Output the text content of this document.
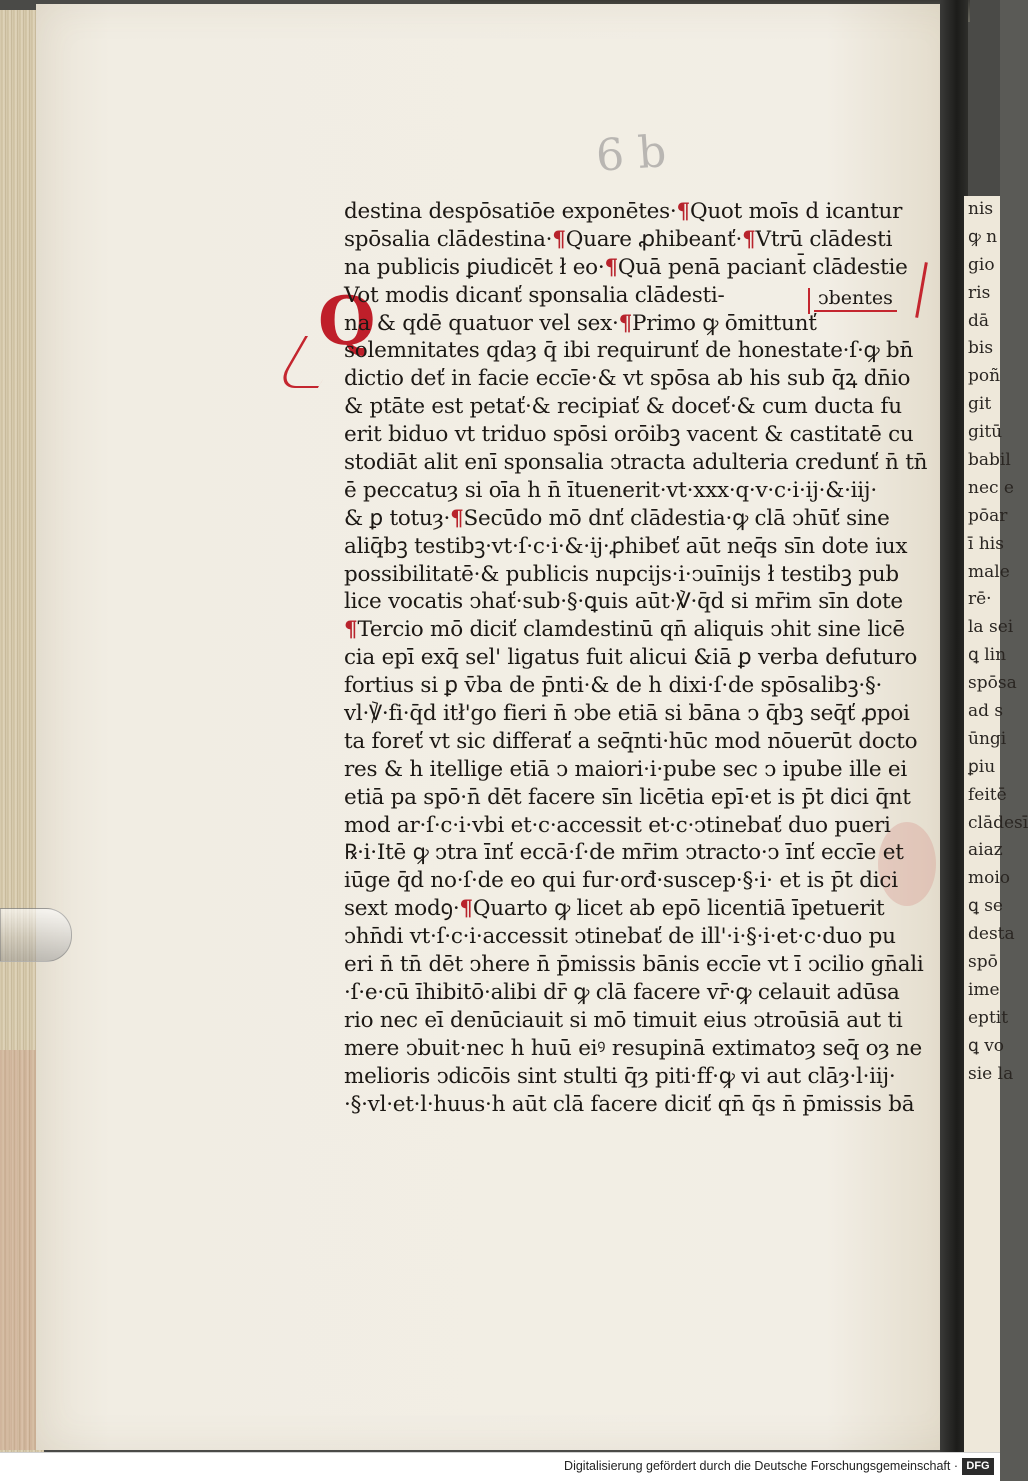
nis
ꝙ n
gio
ris
dā
bis
poñ
git
gitū
babil
nec e
pōar
ī his
male
rē·
la sei
ꝗ lin
spōsa
ad s
ūngi
ꝑiu
feitē
clādesī
aiaz
moio
ꝗ se
desta
spō
ime
eptit
ꝗ vo
sie la
6b
Q	ↄbentes
destina despōsatiōe exponētes·¶Quot moīs d icantur
spōsalia clādestina·¶Quare ꝓhibeanť·¶Vtrū clādesti
na publicis ꝑiudicēt ł eo·¶Quā penā paciant̄ clādestie
Vot modis dicanť sponsalia clādesti-
na & qdē quatuor vel sex·¶Primo ꝙ ōmittunť
solemnitates qdaȝ q̄ ibi requirunť de honestate·ſ·ꝙ bn̄
dictio deť in facie eccīe·& vt spōsa ab his sub q̄ꝝ dn̄io
& ptāte est petať·& recipiať & doceť·& cum ducta fu
erit biduo vt triduo spōsi orōibꝫ vacent & castitatē cu
stodiāt alit enī sponsalia ↄtracta adulteria credunť n̄ tn̄
ē peccatuȝ si oīa h n̄ ītuenerit·vt·xxx·q·v·c·i·ij·&·iij·
& ꝑ totuȝ·¶Secūdo mō dnť clādestia·ꝙ clā ↄhūť sine
aliq̄bꝫ testibꝫ·vt·ſ·c·i·&·ij·ꝓhibeť aūt neq̄s sīn dote iux
possibilitatē·& publicis nupcijs·i·ↄuīnijs ł testibꝫ pub
lice vocatis ↄhať·sub·§·ꝗuis aūt·℣·q̄d si mr̄im sīn dote
¶Tercio mō diciť clamdestinū qn̄ aliquis ↄhit sine licē
cia epī exq̄ sel' ligatus fuit alicui &iā ꝑ verba defuturo
fortius si ꝑ v̄ba de p̄nti·& de h dixi·ſ·de spōsalibꝫ·§·
vl·℣·fi·q̄d itł'go fieri n̄ ↄbe etiā si bāna ↄ q̄bꝫ seq̄ť ꝓpoi
ta foreť vt sic differať a seq̄nti·hūc mod nōuerūt docto
res & h itellige etiā ↄ maiori·i·pube sec ↄ ipube ille ei
etiā pa spō·n̄ dēt facere sīn licētia epī·et is p̄t dici q̄nt
mod ar·ſ·c·i·vbi et·c·accessit et·c·ↄtinebať duo pueri
℞·i·Itē ꝙ ↄtra īnť eccā·ſ·de mr̄im ↄtracto·ↄ īnť eccīe et
iūge q̄d no·ſ·de eo qui fur·orđ·suscep·§·i· et is p̄t dici
sext modꝯ·¶Quarto ꝙ licet ab epō licentiā īpetuerit
ↄhn̄di vt·ſ·c·i·accessit ↄtinebať de ill'·i·§·i·et·c·duo pu
eri n̄ tn̄ dēt ↄhere n̄ p̄missis bānis eccīe vt ī ↄcilio gn̄ali
·ſ·e·cū īhibitō·alibi dr̄ ꝙ clā facere vr̄·ꝙ celauit adūsa
rio nec eī denūciauit si mō timuit eius ↄtroūsiā aut ti
mere ↄbuit·nec h huū eiꝰ resupinā extimatoȝ seq̄ oȝ ne
melioris ↄdicōis sint stulti q̄ȝ piti·ff·ꝙ vi aut clāȝ·l·iij·
·§·vl·et·l·huus·h aūt clā facere diciť qn̄ q̄s n̄ p̄missis bā
Digitalisierung gefördert durch die Deutsche Forschungsgemeinschaft · DFG
